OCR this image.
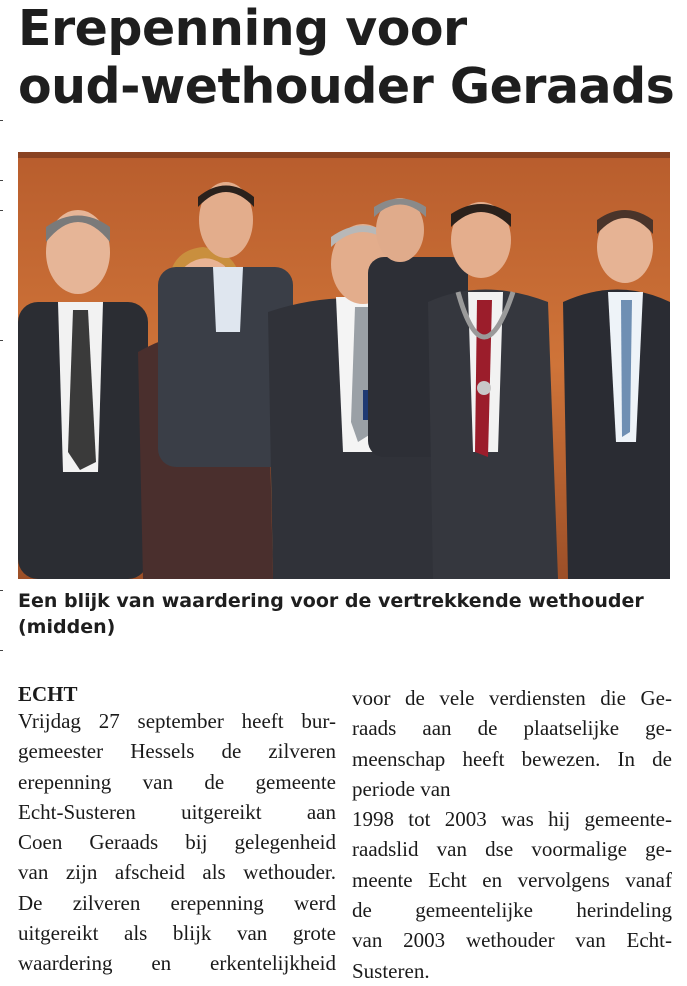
Erepenning voor
oud-wethouder Geraads
Een blijk van waardering voor de vertrekkende wethouder
(midden)
ECHT
Vrijdag 27 september heeft bur-
gemeester Hessels de zilveren
erepenning van de gemeente
Echt-Susteren uitgereikt aan
Coen Geraads bij gelegenheid
van zijn afscheid als wethouder.
De zilveren erepenning werd
uitgereikt als blijk van grote
waardering en erkentelijkheid
voor de vele verdiensten die Ge-
raads aan de plaatselijke ge-
meenschap heeft bewezen. In de
periode van
1998 tot 2003 was hij gemeente-
raadslid van dse voormalige ge-
meente Echt en vervolgens vanaf
de gemeentelijke herindeling
van 2003 wethouder van Echt-
Susteren.
